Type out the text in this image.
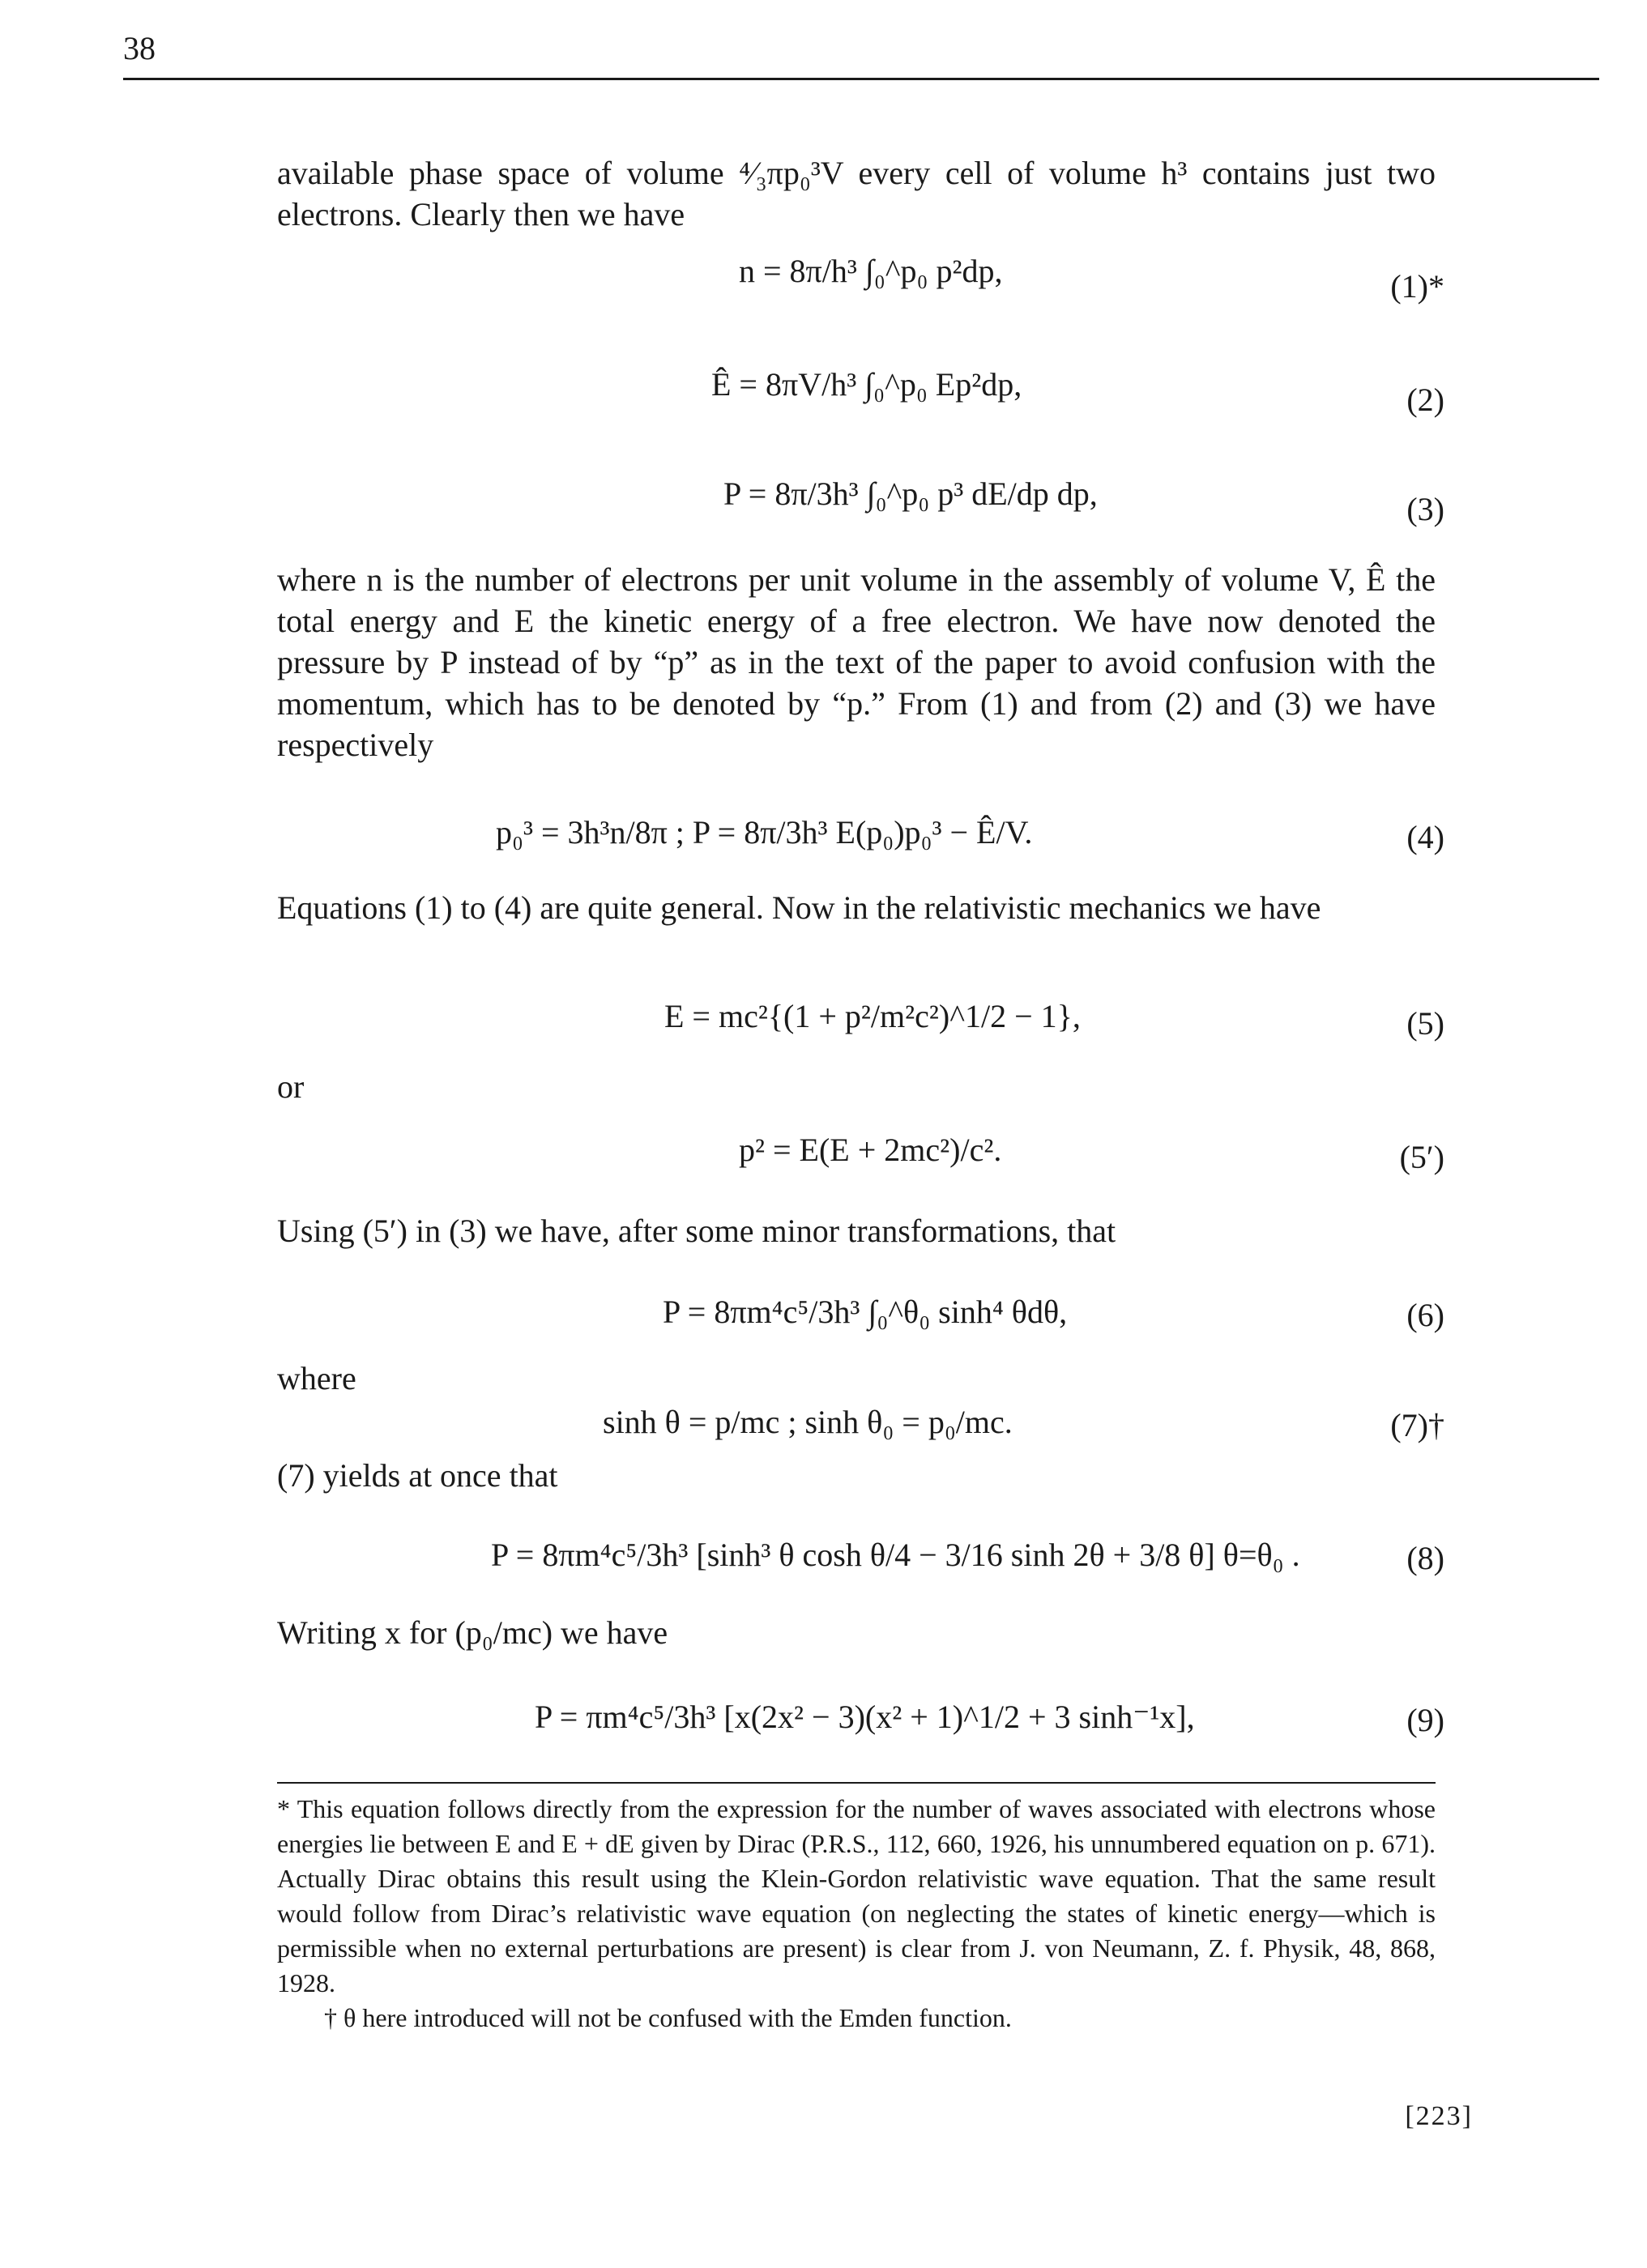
38

available phase space of volume ⁴⁄₃πp₀³V every cell of volume h³ contains just two electrons. Clearly then we have

n = 8π/h³ ∫₀^p₀ p²dp,	(1)*
Ê = 8πV/h³ ∫₀^p₀ Ep²dp,	(2)
P = 8π/3h³ ∫₀^p₀ p³ dE/dp dp,	(3)

where n is the number of electrons per unit volume in the assembly of volume V, Ê the total energy and E the kinetic energy of a free electron. We have now denoted the pressure by P instead of by “p” as in the text of the paper to avoid confusion with the momentum, which has to be denoted by “p.” From (1) and from (2) and (3) we have respectively

p₀³ = 3h³n/8π ; P = 8π/3h³ E(p₀)p₀³ − Ê/V.	(4)

Equations (1) to (4) are quite general. Now in the relativistic mechanics we have

E = mc²{(1 + p²/m²c²)^1/2 − 1},	(5)
or
p² = E(E + 2mc²)/c².	(5′)
Using (5′) in (3) we have, after some minor transformations, that
P = 8πm⁴c⁵/3h³ ∫₀^θ₀ sinh⁴ θdθ,	(6)
where
sinh θ = p/mc ; sinh θ₀ = p₀/mc.	(7)†
(7) yields at once that
P = 8πm⁴c⁵/3h³ [sinh³ θ cosh θ/4 − 3/16 sinh 2θ + 3/8 θ] θ=θ₀ .	(8)
Writing x for (p₀/mc) we have
P = πm⁴c⁵/3h³ [x(2x² − 3)(x² + 1)^1/2 + 3 sinh⁻¹x],	(9)

* This equation follows directly from the expression for the number of waves associated with electrons whose energies lie between E and E + dE given by Dirac (P.R.S., 112, 660, 1926, his unnumbered equation on p. 671). Actually Dirac obtains this result using the Klein-Gordon relativistic wave equation. That the same result would follow from Dirac’s relativistic wave equation (on neglecting the states of kinetic energy—which is permissible when no external perturbations are present) is clear from J. von Neumann, Z. f. Physik, 48, 868, 1928.

† θ here introduced will not be confused with the Emden function.

[223]
